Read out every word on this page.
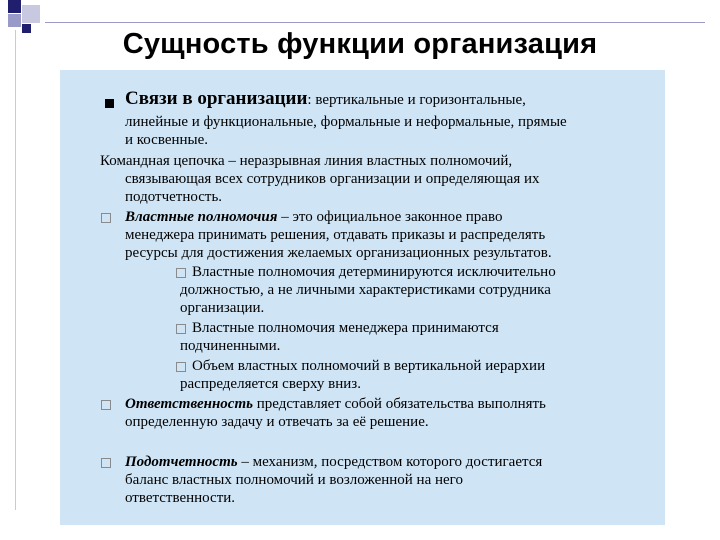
Сущность функции организация
Связи в организации: вертикальные и горизонтальные,
линейные и функциональные, формальные и неформальные, прямые
и косвенные.
Командная цепочка – неразрывная линия властных полномочий,
связывающая всех сотрудников организации и определяющая их
подотчетность.
Властные полномочия – это официальное законное право
менеджера принимать решения, отдавать приказы и распределять
ресурсы для достижения желаемых организационных результатов.
Властные полномочия детерминируются исключительно
должностью, а не личными характеристиками сотрудника
организации.
Властные полномочия менеджера принимаются
подчиненными.
Объем властных полномочий в вертикальной иерархии
распределяется сверху вниз.
Ответственность представляет собой обязательства выполнять
определенную задачу и отвечать за её решение.
Подотчетность – механизм, посредством которого достигается
баланс властных полномочий и возложенной на него
ответственности.
